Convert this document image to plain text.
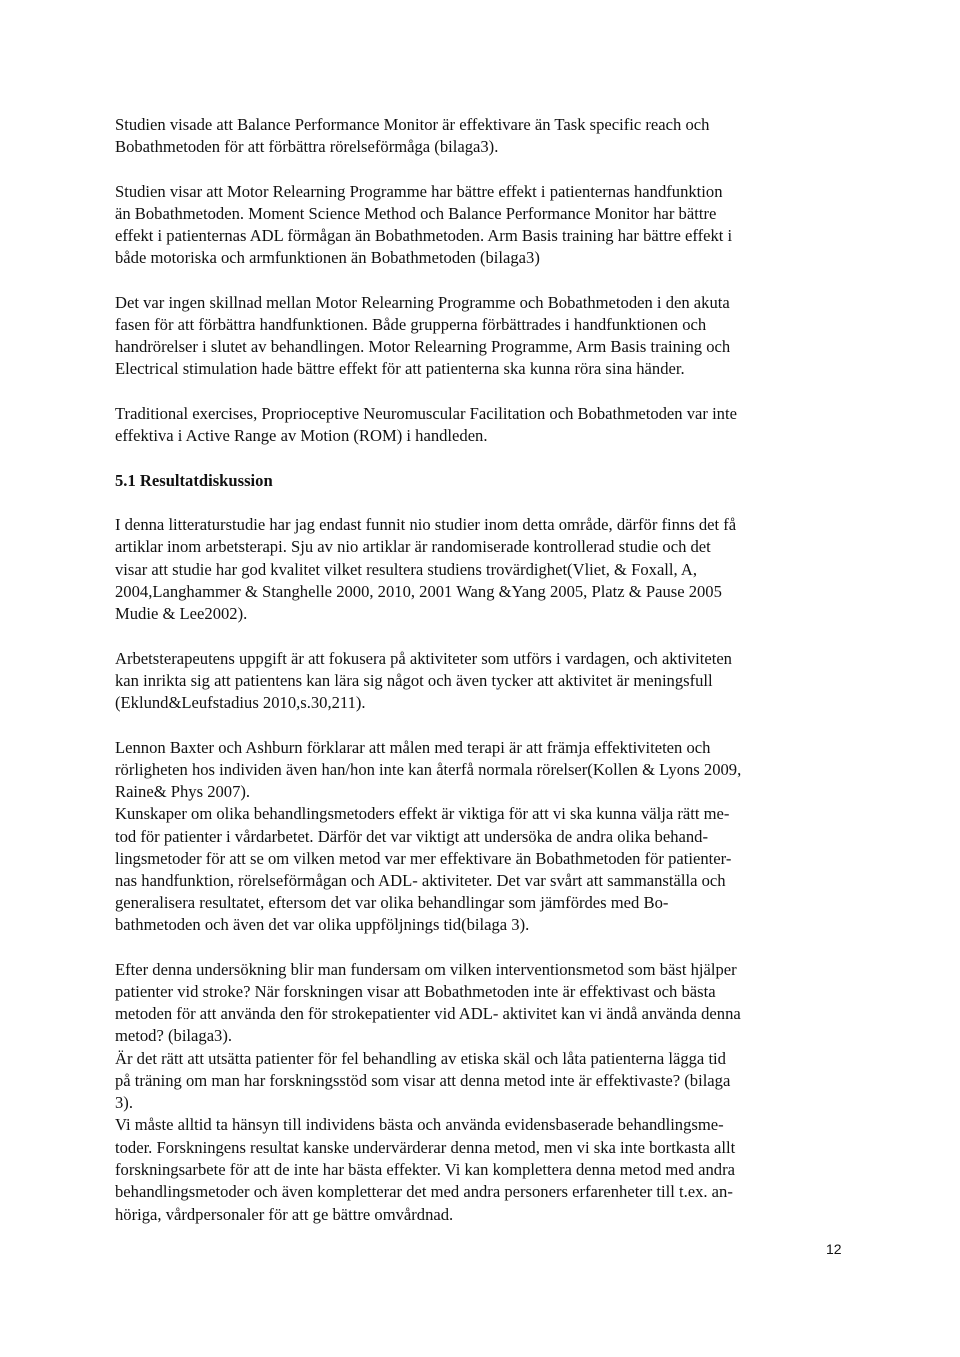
Studien visade att Balance Performance Monitor är effektivare än Task specific reach och
Bobathmetoden för att förbättra rörelseförmåga (bilaga3).
Studien visar att Motor Relearning Programme har bättre effekt i patienternas handfunktion
än Bobathmetoden. Moment Science Method och Balance Performance Monitor har bättre
effekt i patienternas ADL förmågan än Bobathmetoden. Arm Basis training har bättre effekt i
både motoriska och armfunktionen än Bobathmetoden (bilaga3)
Det var ingen skillnad mellan Motor Relearning Programme och Bobathmetoden i den akuta
fasen för att förbättra handfunktionen. Både grupperna förbättrades i handfunktionen och
handrörelser i slutet av behandlingen. Motor Relearning Programme, Arm Basis training och
Electrical stimulation hade bättre effekt för att patienterna ska kunna röra sina händer.
Traditional exercises, Proprioceptive Neuromuscular Facilitation och Bobathmetoden var inte
effektiva i Active Range av Motion (ROM) i handleden.
5.1 Resultatdiskussion
I denna litteraturstudie har jag endast funnit nio studier inom detta område, därför finns det få
artiklar inom arbetsterapi. Sju av nio artiklar är randomiserade kontrollerad studie och det
visar att studie har god kvalitet vilket resultera studiens trovärdighet(Vliet, & Foxall, A,
2004,Langhammer & Stanghelle 2000, 2010, 2001 Wang &Yang 2005, Platz & Pause 2005
Mudie & Lee2002).
Arbetsterapeutens uppgift är att fokusera på aktiviteter som utförs i vardagen, och aktiviteten
kan inrikta sig att patientens kan lära sig något och även tycker att aktivitet är meningsfull
(Eklund&Leufstadius 2010,s.30,211).
Lennon Baxter och Ashburn förklarar att målen med terapi är att främja effektiviteten och
rörligheten hos individen även han/hon inte kan återfå normala rörelser(Kollen & Lyons 2009,
Raine& Phys 2007).
Kunskaper om olika behandlingsmetoders effekt är viktiga för att vi ska kunna välja rätt me-
tod för patienter i vårdarbetet. Därför det var viktigt att undersöka de andra olika behand-
lingsmetoder för att se om vilken metod var mer effektivare än Bobathmetoden för patienter-
nas handfunktion, rörelseförmågan och ADL- aktiviteter. Det var svårt att sammanställa och
generalisera resultatet, eftersom det var olika behandlingar som jämfördes med Bo-
bathmetoden och även det var olika uppföljnings tid(bilaga 3).
Efter denna undersökning blir man fundersam om vilken interventionsmetod som bäst hjälper
patienter vid stroke? När forskningen visar att Bobathmetoden inte är effektivast och bästa
metoden för att använda den för strokepatienter vid ADL- aktivitet kan vi ändå använda denna
metod? (bilaga3).
Är det rätt att utsätta patienter för fel behandling av etiska skäl och låta patienterna lägga tid
på träning om man har forskningsstöd som visar att denna metod inte är effektivaste? (bilaga
3).
Vi måste alltid ta hänsyn till individens bästa och använda evidensbaserade behandlingsme-
toder. Forskningens resultat kanske undervärderar denna metod, men vi ska inte bortkasta allt
forskningsarbete för att de inte har bästa effekter. Vi kan komplettera denna metod med andra
behandlingsmetoder och även kompletterar det med andra personers erfarenheter till t.ex. an-
höriga, vårdpersonaler för att ge bättre omvårdnad.
12
